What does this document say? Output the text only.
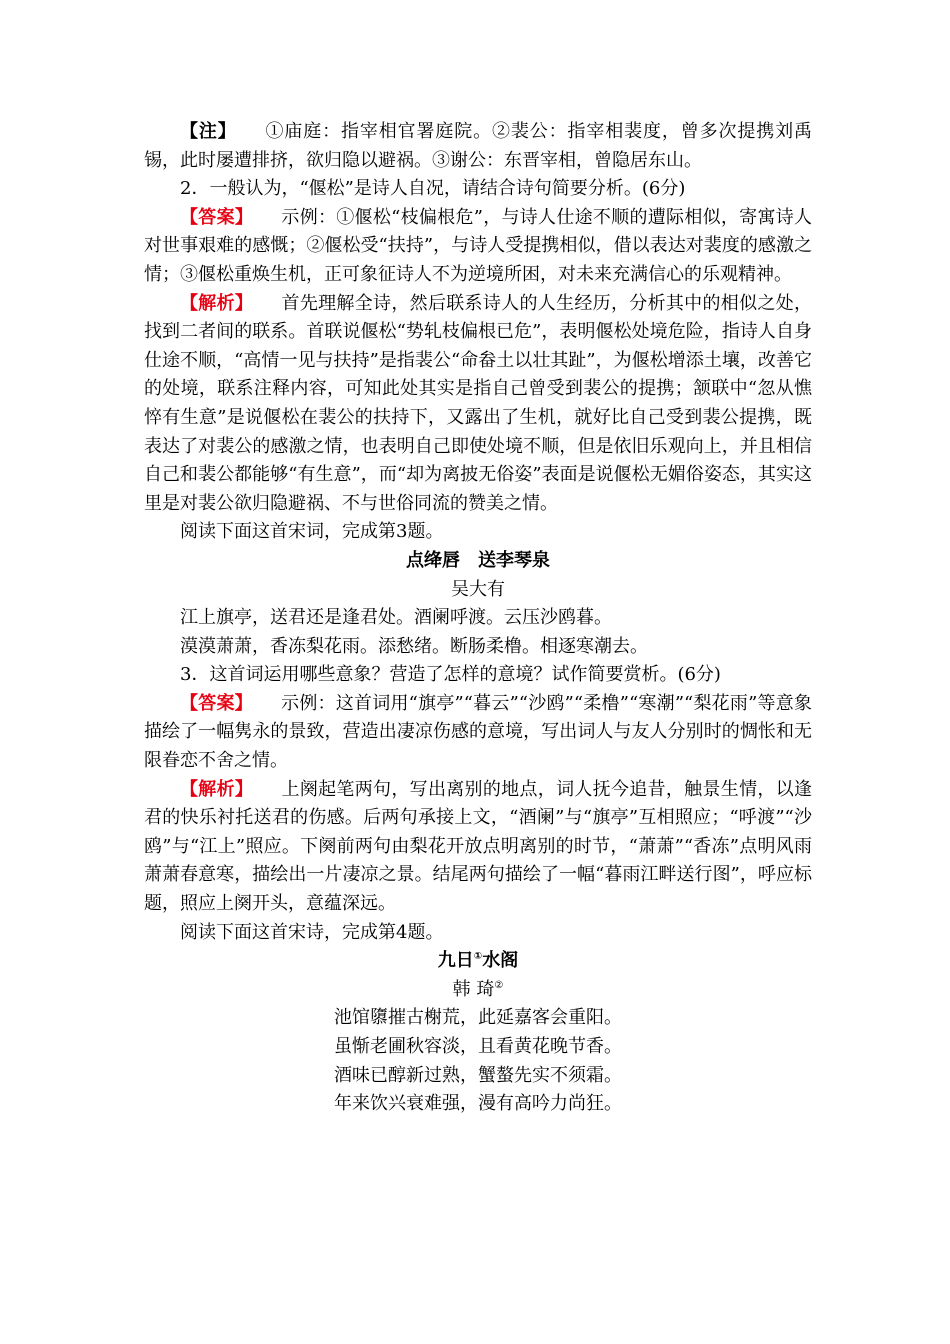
【注】 ①庙庭：指宰相官署庭院。②裴公：指宰相裴度，曾多次提携刘禹锡，此时屡遭排挤，欲归隐以避祸。③谢公：东晋宰相，曾隐居东山。

2．一般认为，“偃松”是诗人自况，请结合诗句简要分析。(6分)

【答案】 示例：①偃松“枝偏根危”，与诗人仕途不顺的遭际相似，寄寓诗人对世事艰难的感慨；②偃松受“扶持”，与诗人受提携相似，借以表达对裴度的感激之情；③偃松重焕生机，正可象征诗人不为逆境所困，对未来充满信心的乐观精神。

【解析】 首先理解全诗，然后联系诗人的人生经历，分析其中的相似之处，找到二者间的联系。首联说偃松“势轧枝偏根已危”，表明偃松处境危险，指诗人自身仕途不顺，“高情一见与扶持”是指裴公“命畚土以壮其趾”，为偃松增添土壤，改善它的处境，联系注释内容，可知此处其实是指自己曾受到裴公的提携；颔联中“忽从憔悴有生意”是说偃松在裴公的扶持下，又露出了生机，就好比自己受到裴公提携，既表达了对裴公的感激之情，也表明自己即使处境不顺，但是依旧乐观向上，并且相信自己和裴公都能够“有生意”，而“却为离披无俗姿”表面是说偃松无媚俗姿态，其实这里是对裴公欲归隐避祸、不与世俗同流的赞美之情。

阅读下面这首宋词，完成第3题。

点绛唇　送李琴泉

吴大有

江上旗亭，送君还是逢君处。酒阑呼渡。云压沙鸥暮。

漠漠萧萧，香冻梨花雨。添愁绪。断肠柔橹。相逐寒潮去。

3．这首词运用哪些意象？营造了怎样的意境？试作简要赏析。(6分)

【答案】 示例：这首词用“旗亭”“暮云”“沙鸥”“柔橹”“寒潮”“梨花雨”等意象描绘了一幅隽永的景致，营造出凄凉伤感的意境，写出词人与友人分别时的惆怅和无限眷恋不舍之情。

【解析】 上阕起笔两句，写出离别的地点，词人抚今追昔，触景生情，以逢君的快乐衬托送君的伤感。后两句承接上文，“酒阑”与“旗亭”互相照应；“呼渡”“沙鸥”与“江上”照应。下阕前两句由梨花开放点明离别的时节，“萧萧”“香冻”点明风雨萧萧春意寒，描绘出一片凄凉之景。结尾两句描绘了一幅“暮雨江畔送行图”，呼应标题，照应上阕开头，意蕴深远。

阅读下面这首宋诗，完成第4题。

九日①水阁

韩 琦②

池馆隳摧古榭荒，此延嘉客会重阳。

虽惭老圃秋容淡，且看黄花晚节香。

酒味已醇新过熟，蟹螯先实不须霜。

年来饮兴衰难强，漫有高吟力尚狂。
